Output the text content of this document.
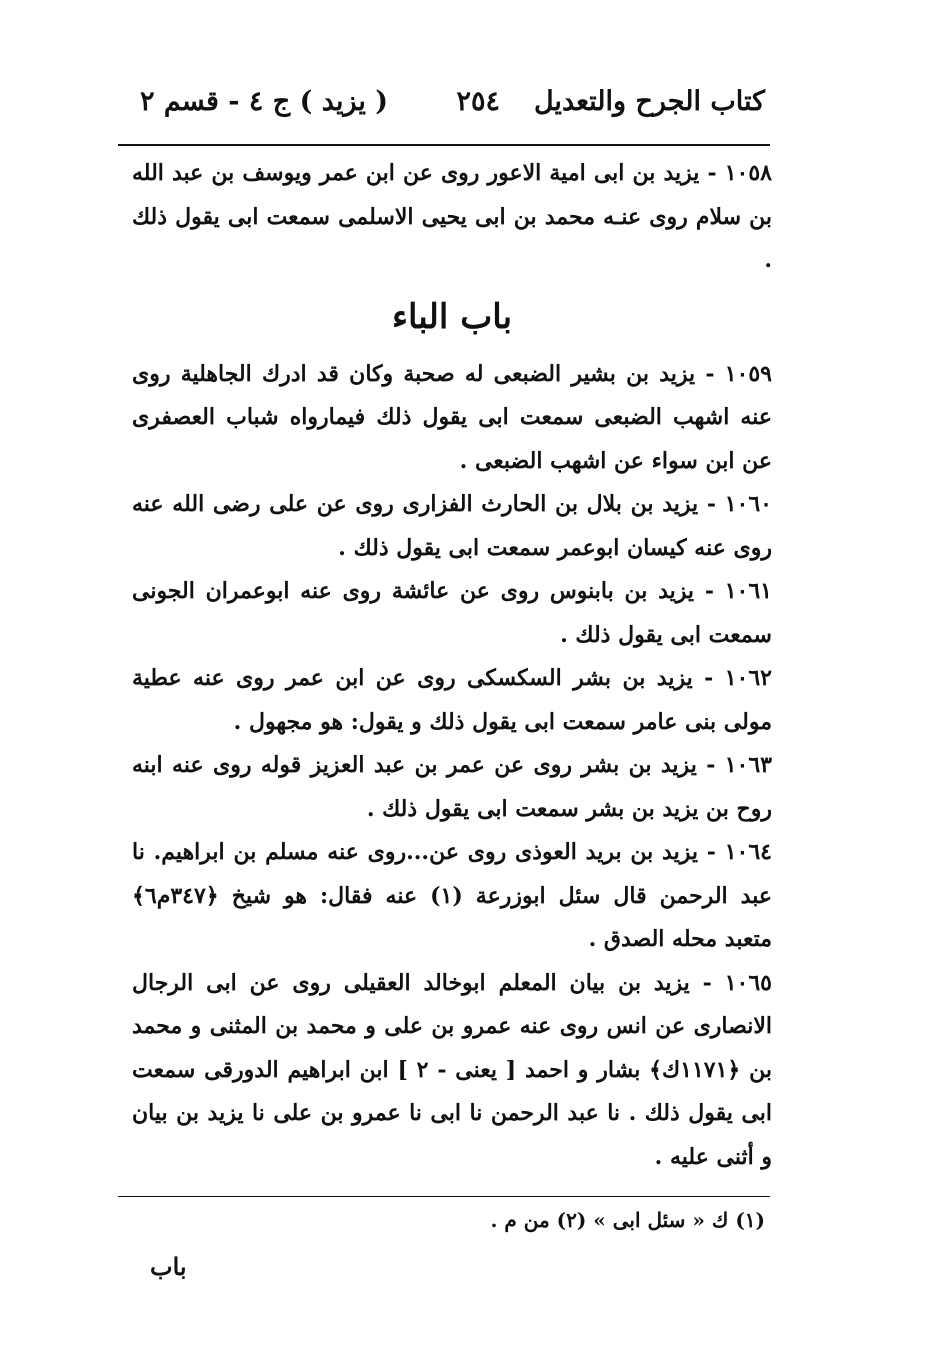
كتاب الجرح والتعديل
٢٥٤
( يزيد ) ج ٤ - قسم ٢

١٠٥٨ - يزيد بن ابى امية الاعور روى عن ابن عمر ويوسف بن عبد الله بن سلام روى عنـه محمد بن ابى يحيى الاسلمى سمعت ابى يقول ذلك .

باب الباء

١٠٥٩ - يزيد بن بشير الضبعى له صحبة وكان قد ادرك الجاهلية روى عنه اشهب الضبعى سمعت ابى يقول ذلك فيمارواه شباب العصفرى عن ابن سواء عن اشهب الضبعى .

١٠٦٠ - يزيد بن بلال بن الحارث الفزارى روى عن على رضى الله عنه روى عنه كيسان ابوعمر سمعت ابى يقول ذلك .

١٠٦١ - يزيد بن بابنوس روى عن عائشة روى عنه ابوعمران الجونى سمعت ابى يقول ذلك .

١٠٦٢ - يزيد بن بشر السكسكى روى عن ابن عمر روى عنه عطية مولى بنى عامر سمعت ابى يقول ذلك و يقول: هو مجهول .

١٠٦٣ - يزيد بن بشر روى عن عمر بن عبد العزيز قوله روى عنه ابنه روح بن يزيد بن بشر سمعت ابى يقول ذلك .

١٠٦٤ - يزيد بن بريد العوذى روى عن...روى عنه مسلم بن ابراهيم. نا عبد الرحمن قال سئل ابوزرعة (١) عنه فقال: هو شيخ ﴿٣٤٧م٦﴾ متعبد محله الصدق .

١٠٦٥ - يزيد بن بيان المعلم ابوخالد العقيلى روى عن ابى الرجال الانصارى عن انس روى عنه عمرو بن على و محمد بن المثنى و محمد بن ﴿١١٧١ك﴾ بشار و احمد [ يعنى - ٢ ] ابن ابراهيم الدورقى سمعت ابى يقول ذلك . نا عبد الرحمن نا ابى نا عمرو بن على نا يزيد بن بيان و أثنى عليه .

(١) ك « سئل ابى » (٢) من م .
باب
